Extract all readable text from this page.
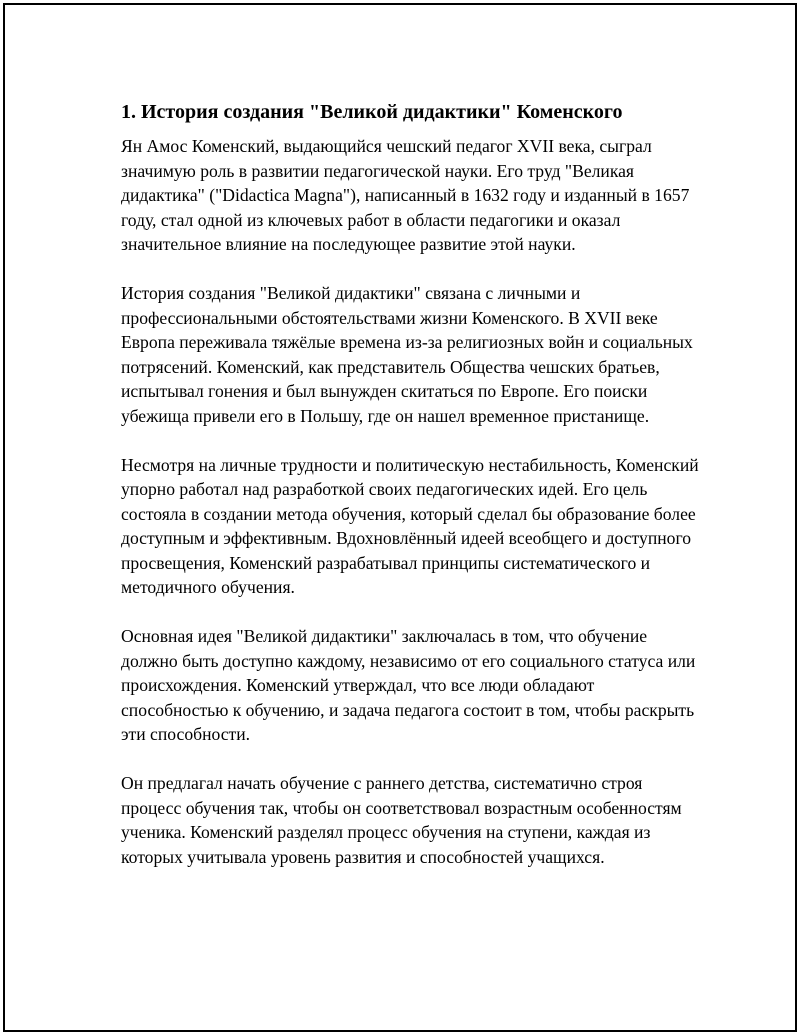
1. История создания "Великой дидактики" Коменского

Ян Амос Коменский, выдающийся чешский педагог XVII века, сыграл значимую роль в развитии педагогической науки. Его труд "Великая дидактика" ("Didactica Magna"), написанный в 1632 году и изданный в 1657 году, стал одной из ключевых работ в области педагогики и оказал значительное влияние на последующее развитие этой науки.

История создания "Великой дидактики" связана с личными и профессиональными обстоятельствами жизни Коменского. В XVII веке Европа переживала тяжёлые времена из-за религиозных войн и социальных потрясений. Коменский, как представитель Общества чешских братьев, испытывал гонения и был вынужден скитаться по Европе. Его поиски убежища привели его в Польшу, где он нашел временное пристанище.

Несмотря на личные трудности и политическую нестабильность, Коменский упорно работал над разработкой своих педагогических идей. Его цель состояла в создании метода обучения, который сделал бы образование более доступным и эффективным. Вдохновлённый идеей всеобщего и доступного просвещения, Коменский разрабатывал принципы систематического и методичного обучения.

Основная идея "Великой дидактики" заключалась в том, что обучение должно быть доступно каждому, независимо от его социального статуса или происхождения. Коменский утверждал, что все люди обладают способностью к обучению, и задача педагога состоит в том, чтобы раскрыть эти способности.

Он предлагал начать обучение с раннего детства, систематично строя процесс обучения так, чтобы он соответствовал возрастным особенностям ученика. Коменский разделял процесс обучения на ступени, каждая из которых учитывала уровень развития и способностей учащихся.
